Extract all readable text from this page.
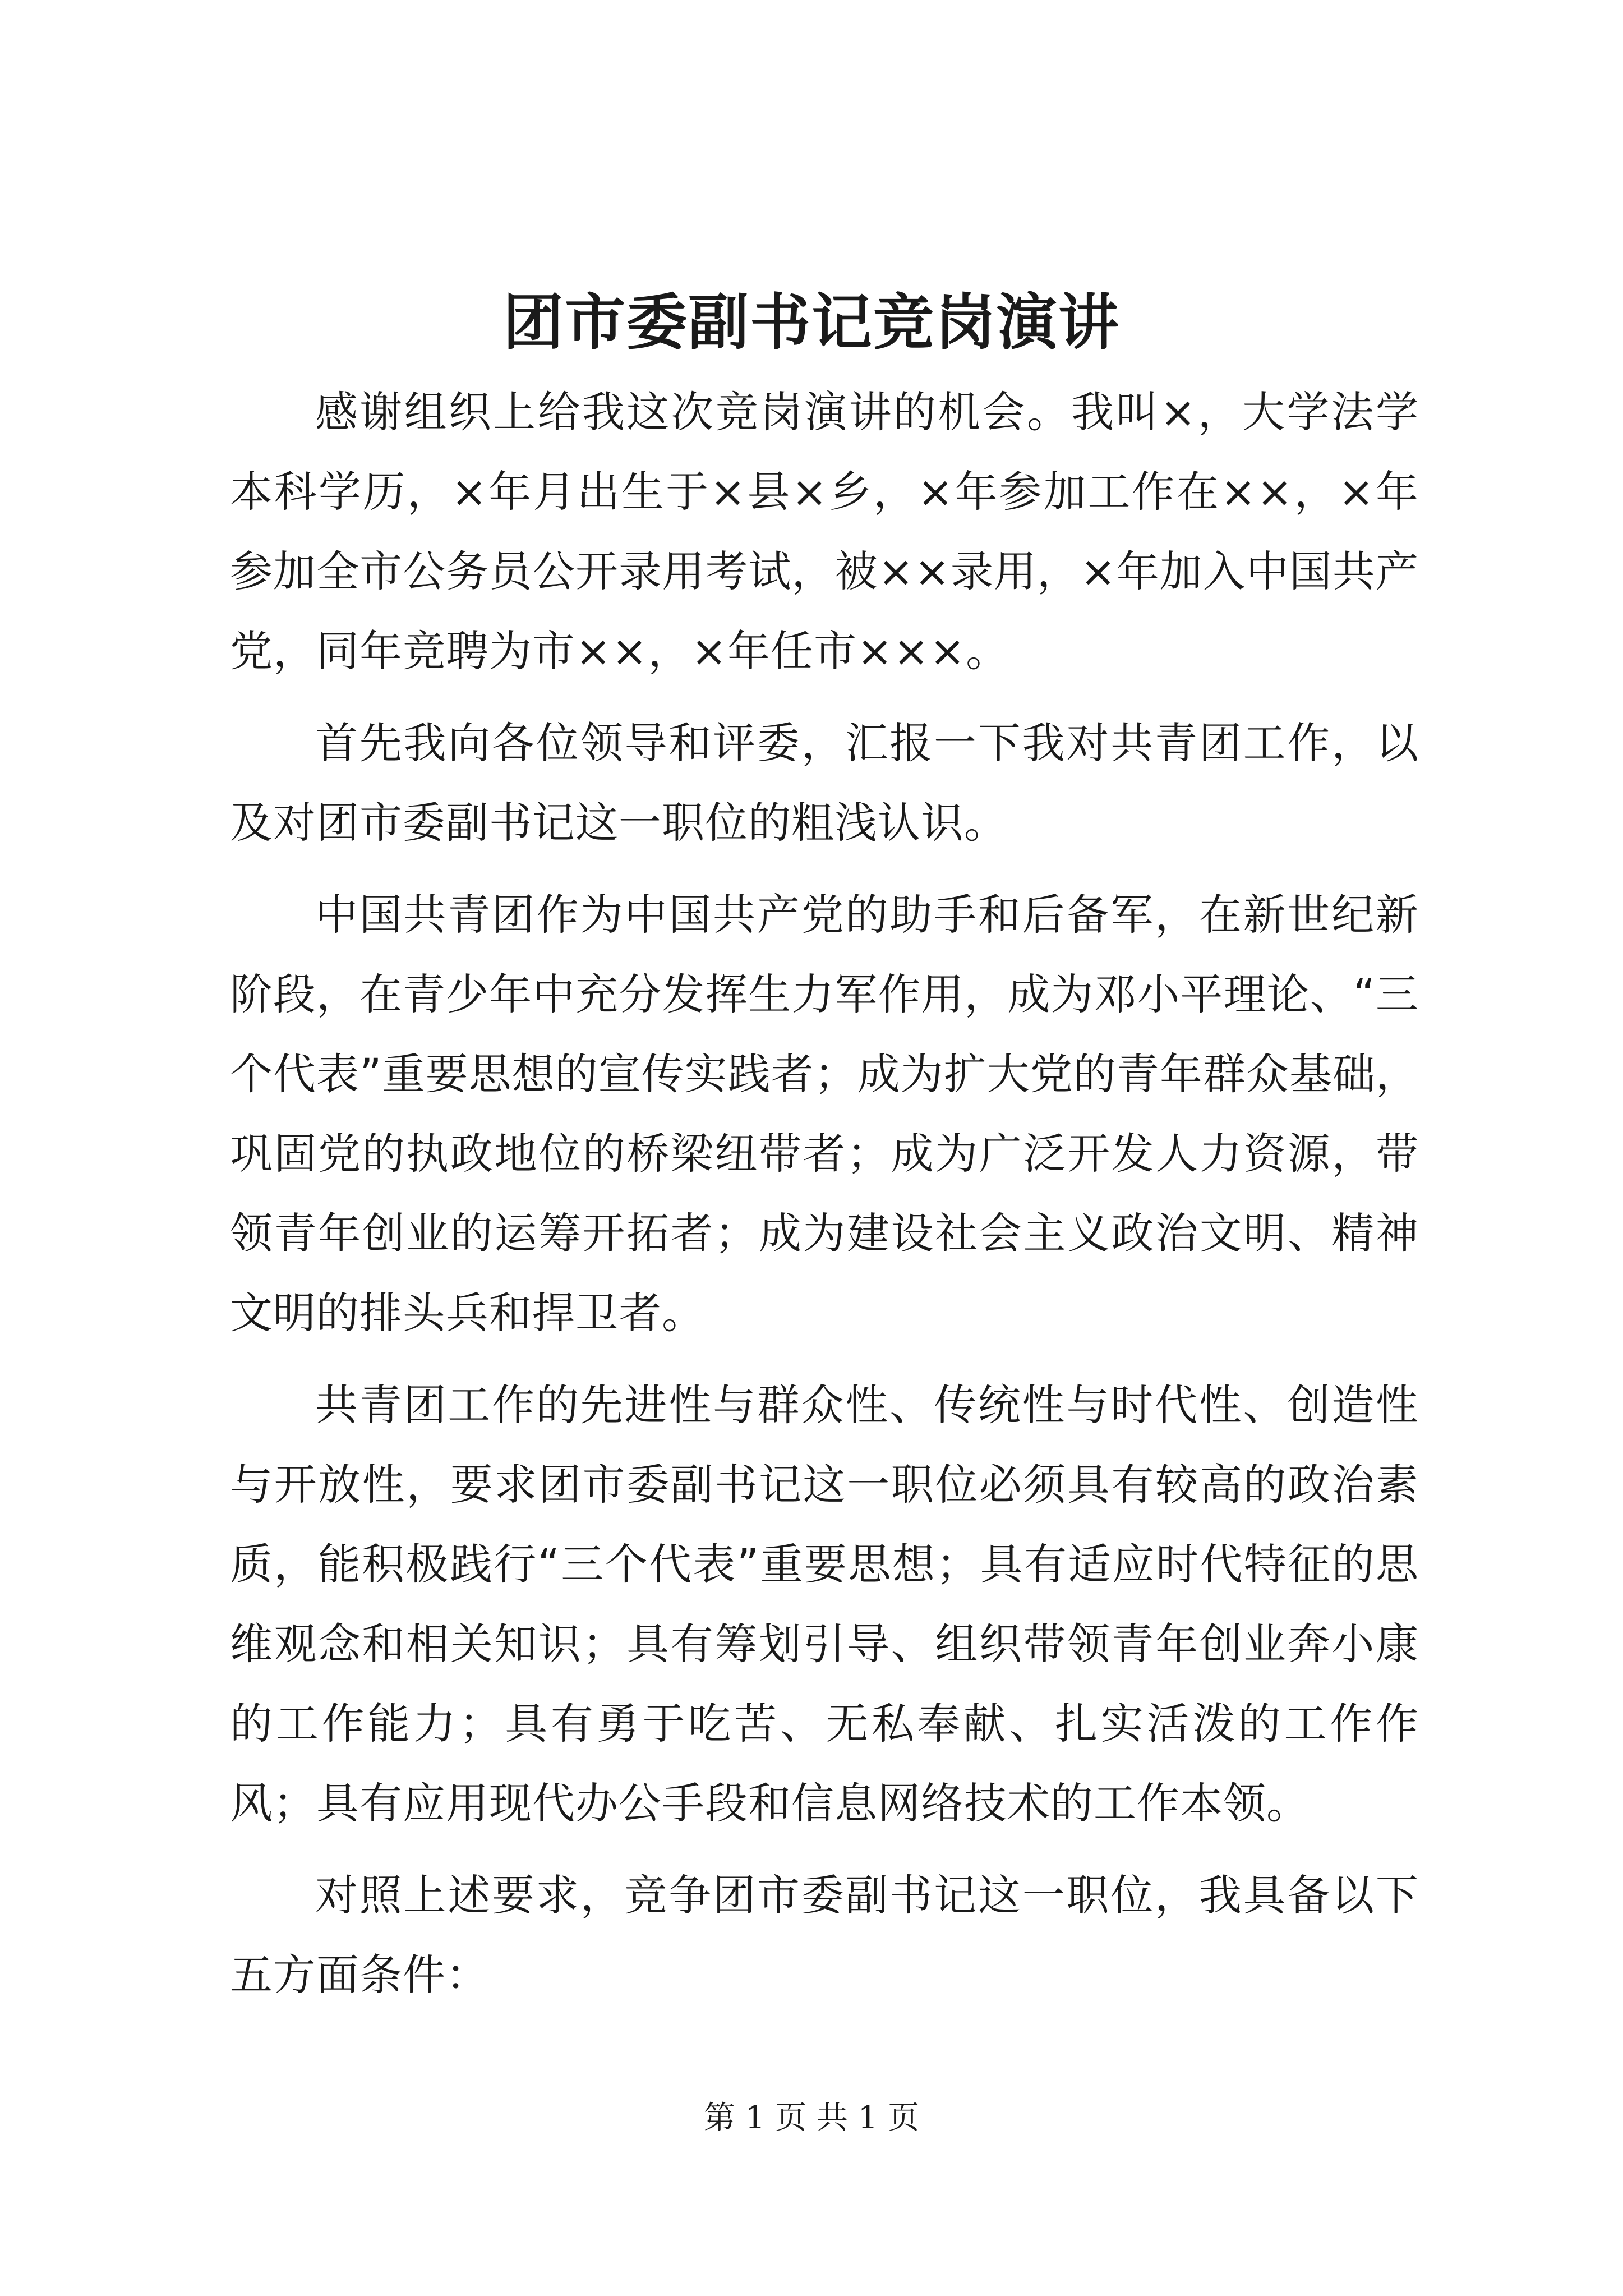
团市委副书记竞岗演讲

感谢组织上给我这次竞岗演讲的机会。我叫×，大学法学本科学历，×年月出生于×县×乡，×年参加工作在××，×年参加全市公务员公开录用考试，被××录用，×年加入中国共产党，同年竞聘为市××，×年任市×××。

首先我向各位领导和评委，汇报一下我对共青团工作，以及对团市委副书记这一职位的粗浅认识。

中国共青团作为中国共产党的助手和后备军，在新世纪新阶段，在青少年中充分发挥生力军作用，成为邓小平理论、“三个代表”重要思想的宣传实践者；成为扩大党的青年群众基础，巩固党的执政地位的桥梁纽带者；成为广泛开发人力资源，带领青年创业的运筹开拓者；成为建设社会主义政治文明、精神文明的排头兵和捍卫者。

共青团工作的先进性与群众性、传统性与时代性、创造性与开放性，要求团市委副书记这一职位必须具有较高的政治素质，能积极践行“三个代表”重要思想；具有适应时代特征的思维观念和相关知识；具有筹划引导、组织带领青年创业奔小康的工作能力；具有勇于吃苦、无私奉献、扎实活泼的工作作风；具有应用现代办公手段和信息网络技术的工作本领。

对照上述要求，竞争团市委副书记这一职位，我具备以下五方面条件：

第 1 页 共 1 页
